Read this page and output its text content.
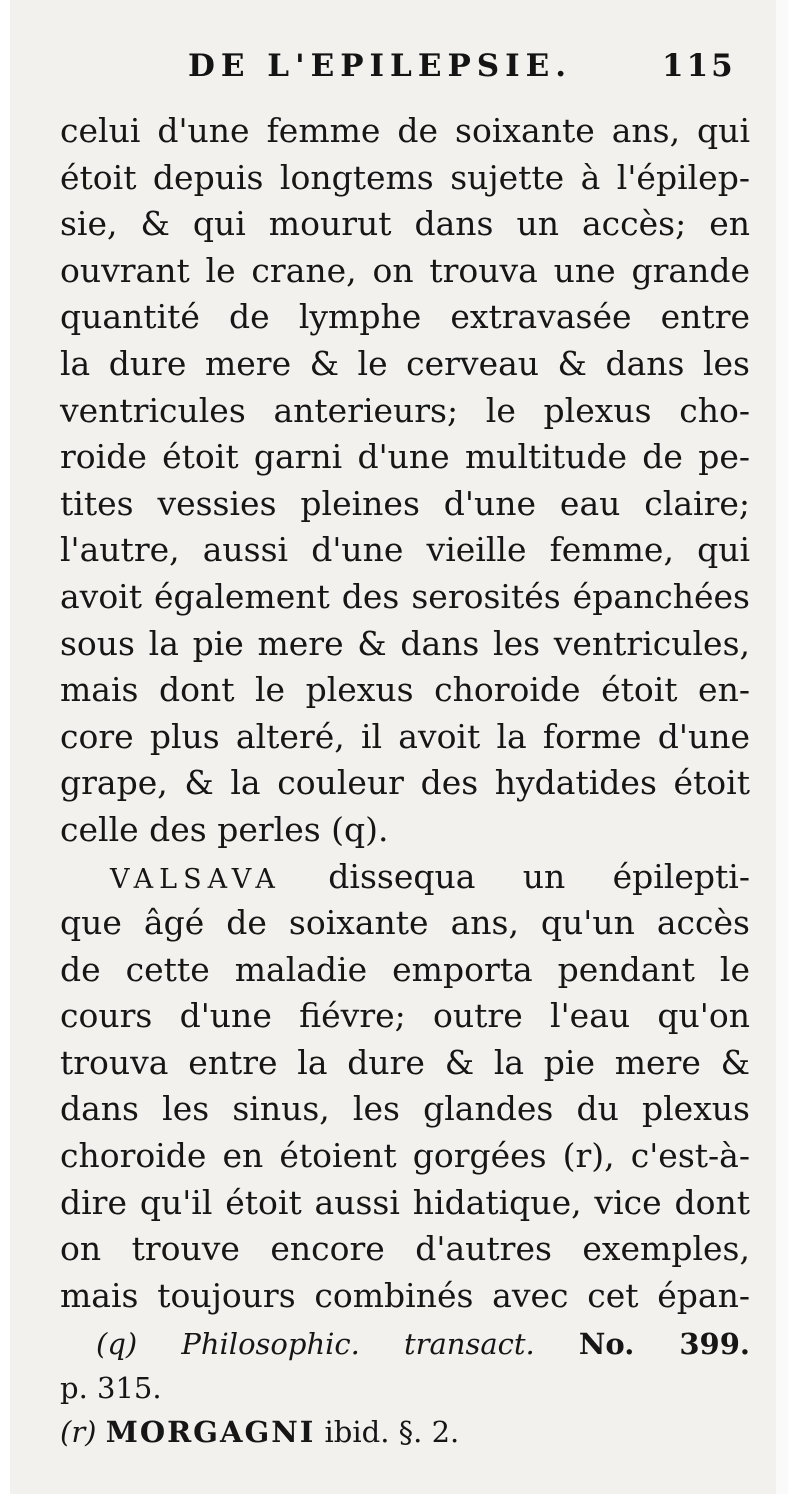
DE L'EPILEPSIE.	115
celui d'une femme de soixante ans, qui
étoit depuis longtems sujette à l'épilep-
sie, & qui mourut dans un accès; en
ouvrant le crane, on trouva une grande
quantité de lymphe extravasée entre
la dure mere & le cerveau & dans les
ventricules anterieurs; le plexus cho-
roide étoit garni d'une multitude de pe-
tites vessies pleines d'une eau claire;
l'autre, aussi d'une vieille femme, qui
avoit également des serosités épanchées
sous la pie mere & dans les ventricules,
mais dont le plexus choroide étoit en-
core plus alteré, il avoit la forme d'une
grape, & la couleur des hydatides étoit
celle des perles (q).
VALSAVA dissequa un épilepti-
que âgé de soixante ans, qu'un accès
de cette maladie emporta pendant le
cours d'une fiévre; outre l'eau qu'on
trouva entre la dure & la pie mere &
dans les sinus, les glandes du plexus
choroide en étoient gorgées (r), c'est-à-
dire qu'il étoit aussi hidatique, vice dont
on trouve encore d'autres exemples,
mais toujours combinés avec cet épan-
(q) Philosophic. transact. No. 399.
p. 315.
(r) MORGAGNI ibid. §. 2.
